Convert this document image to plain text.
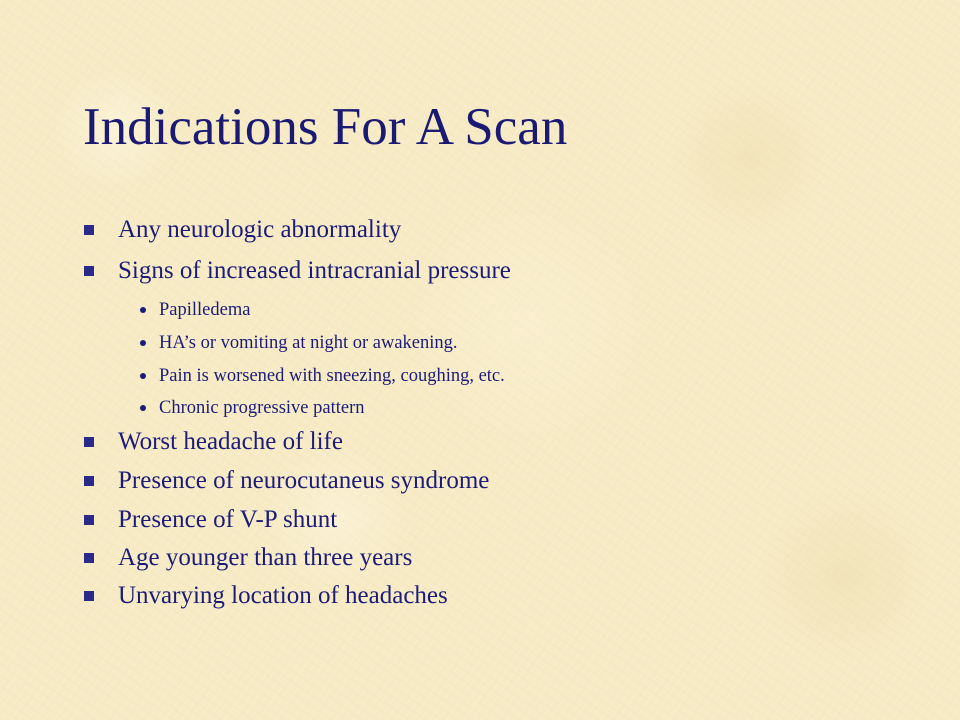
Indications For A Scan
Any neurologic abnormality
Signs of increased intracranial pressure
Papilledema
HA’s or vomiting at night or awakening.
Pain is worsened with sneezing, coughing, etc.
Chronic progressive pattern
Worst headache of life
Presence of neurocutaneus syndrome
Presence of V-P shunt
Age younger than three years
Unvarying location of headaches
